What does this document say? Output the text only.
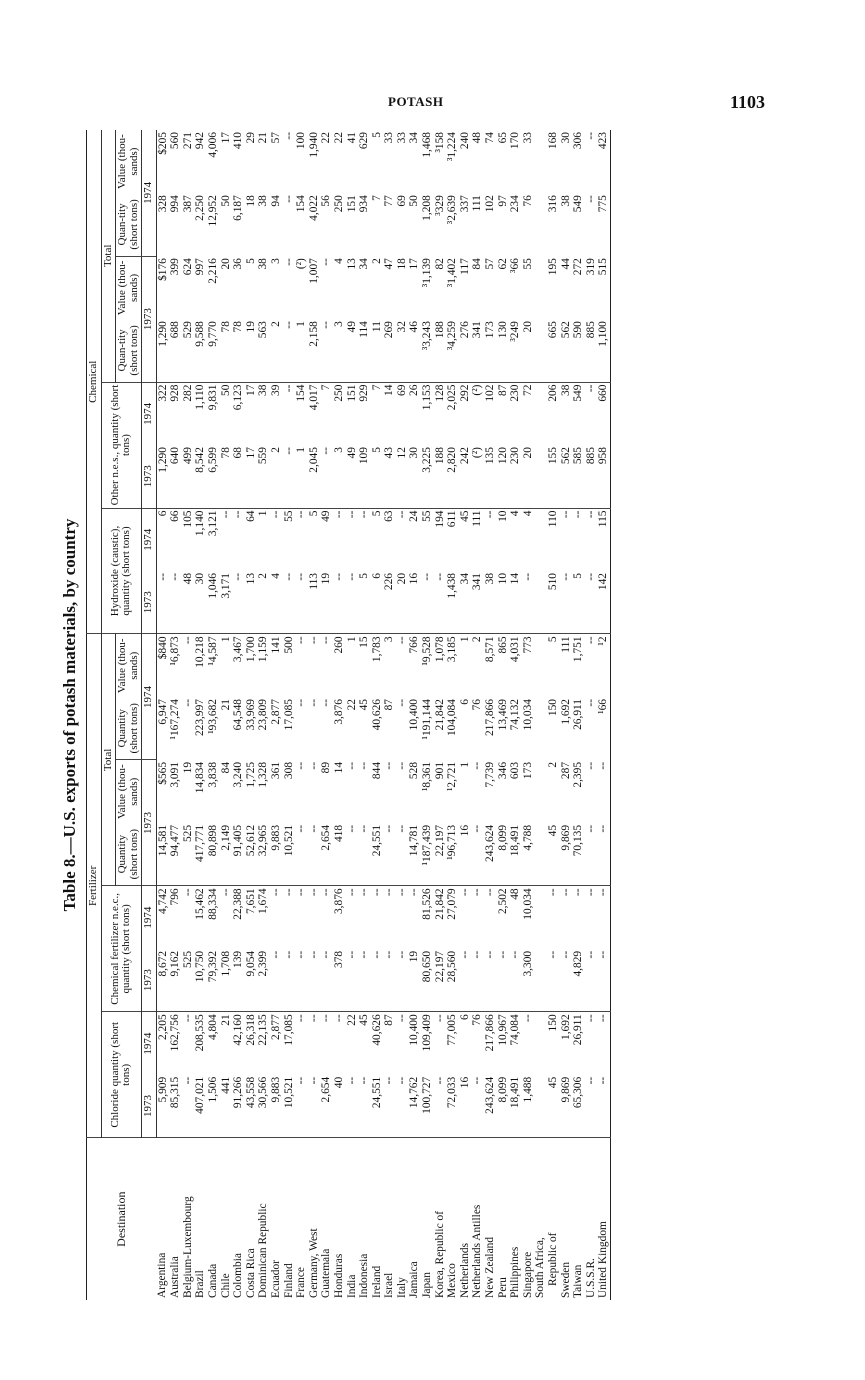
POTASH	1103
Table 8.—U.S. exports of potash materials, by country
Destination	Fertilizer								Chemical							
	Chloride quantity (short tons)		Chemical fertilizer n.e.c., quantity (short tons)		Total				Hydroxide (caustic), quantity (short tons)		Other n.e.s., quantity (short tons)		Total			
					Quantity (short tons)	Value (thou-sands)	Quantity (short tons)	Value (thou-sands)					Quan-tity (short tons)	Value (thou-sands)	Quan-tity (short tons)	Value (thou-sands)
	1973	1974	1973	1974	1973		1974		1973	1974	1973	1974	1973		1974	
Argentina	5,909	2,205	8,672	4,742	14,581	$565	6,947	$840	--	6	1,290	322	1,290	$176	328	$205
Australia	85,315	162,756	9,162	796	94,477	3,091	¹167,274	¹6,873	--	66	640	928	688	399	994	560
Belgium-Luxembourg	--	--	525	--	525	19	--	--	48	105	499	282	529	624	387	271
Brazil	407,021	208,535	10,750	15,462	417,771	14,834	223,997	10,218	30	1,140	8,542	1,110	9,588	997	2,250	942
Canada	1,506	4,804	79,392	88,334	80,898	3,838	¹93,682	¹4,587	1,046	3,121	6,599	9,831	9,770	2,216	12,952	4,006
Chile	441	21	1,708	--	2,149	84	21	1	3,171	--	78	50	78	20	50	17
Colombia	91,266	42,160	139	22,388	91,405	3,240	64,548	3,467	--	--	68	6,123	78	36	6,187	410
Costa Rica	43,558	26,318	9,054	7,651	52,612	1,725	33,969	1,700	13	64	17	17	19	5	18	29
Dominican Republic	30,566	22,135	2,399	1,674	32,965	1,328	23,809	1,159	2	1	559	38	563	38	38	21
Ecuador	9,883	2,877	--	--	9,883	361	2,877	141	4	--	2	39	2	3	94	57
Finland	10,521	17,085	--	--	10,521	308	17,085	500	--	55	--	--	--	--	--	--
France	--	--	--	--	--	--	--	--	--	--	1	154	1	(²)	154	100
Germany, West	--	--	--	--	--	--	--	--	113	5	2,045	4,017	2,158	1,007	4,022	1,940
Guatemala	2,654	--	--	--	2,654	89	--	--	19	49	--	7	--	--	56	22
Honduras	40	--	378	3,876	418	14	3,876	260	--	--	3	250	3	4	250	22
India	--	22	--	--	--	--	22	1	--	--	49	151	49	13	151	41
Indonesia	--	45	--	--	--	--	45	15	5	--	109	929	114	34	934	629
Ireland	24,551	40,626	--	--	24,551	844	40,626	1,783	6	5	5	7	11	2	7	5
Israel	--	87	--	--	--	--	87	3	226	63	43	14	269	47	77	33
Italy	--	--	--	--	--	--	--	--	20	--	12	69	32	18	69	33
Jamaica	14,762	10,400	19	--	14,781	528	10,400	766	16	24	30	26	46	17	50	34
Japan	100,727	109,409	80,650	81,526	¹187,439	¹8,361	¹191,144	¹9,528	--	55	3,225	1,153	³3,243	³1,139	1,208	1,468
Korea, Republic of	--	--	22,197	21,842	22,197	901	21,842	1,078	--	194	188	128	188	82	³329	³158
Mexico	72,033	77,005	28,560	27,079	¹96,713	¹2,721	104,084	3,185	1,438	611	2,820	2,025	³4,259	³1,402	³2,639	³1,224
Netherlands	16	6	--	--	16	1	6	1	34	45	242	292	276	117	337	240
Netherlands Antilles	--	76	--	--	--	--	76	2	341	111	(²)	(²)	341	84	111	48
New Zealand	243,624	217,866	--	--	243,624	7,739	217,866	8,571	38	--	135	102	173	57	102	74
Peru	8,099	10,967	--	2,502	8,099	346	13,469	865	10	10	120	87	130	62	97	65
Philippines	18,491	74,084	--	48	18,491	603	74,132	4,031	14	4	230	230	³249	³66	234	170
Singapore	1,488	--	3,300	10,034	4,788	173	10,034	773	--	4	20	72	20	55	76	33
South Africa,																
Republic of	45	150	--	--	45	2	150	5	510	110	155	206	665	195	316	168
Sweden	9,869	1,692	--	--	9,869	287	1,692	111	--	--	562	38	562	44	38	30
Taiwan	65,306	26,911	4,829	--	70,135	2,395	26,911	1,751	5	--	585	549	590	272	549	306
U.S.S.R.	--	--	--	--	--	--	--	--	--	--	885	--	885	319	--	--
United Kingdom	--	--	--	--	--	--	¹66	¹2	142	115	958	660	1,100	515	775	423
